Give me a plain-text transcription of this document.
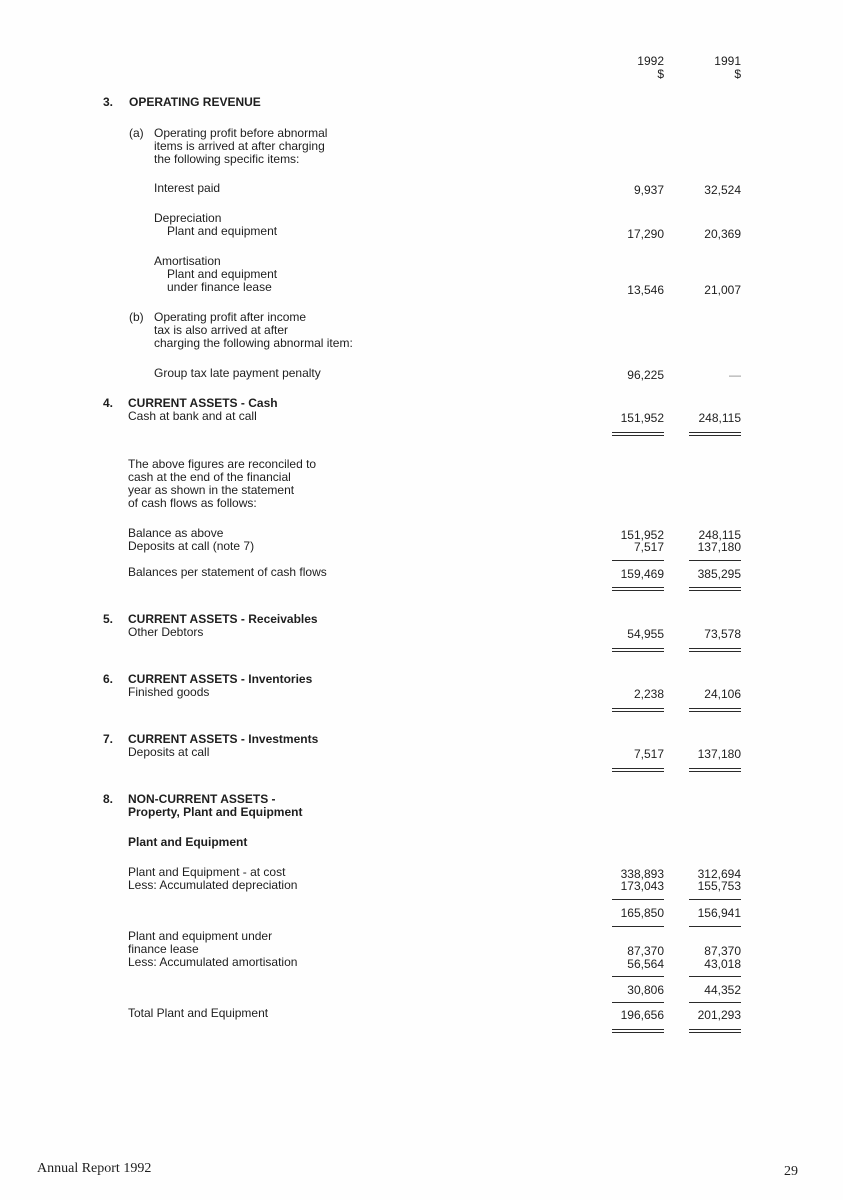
1992
$
1991
$
3. OPERATING REVENUE
(a) Operating profit before abnormal
items is arrived at after charging
the following specific items:
Interest paid	9,937	32,524
Depreciation
Plant and equipment	17,290	20,369
Amortisation
Plant and equipment
under finance lease	13,546	21,007
(b) Operating profit after income
tax is also arrived at after
charging the following abnormal item:
Group tax late payment penalty	96,225	—
4. CURRENT ASSETS - Cash
Cash at bank and at call	151,952	248,115
The above figures are reconciled to
cash at the end of the financial
year as shown in the statement
of cash flows as follows:
Balance as above	151,952	248,115
Deposits at call (note 7)	7,517	137,180
Balances per statement of cash flows	159,469	385,295
5. CURRENT ASSETS - Receivables
Other Debtors	54,955	73,578
6. CURRENT ASSETS - Inventories
Finished goods	2,238	24,106
7. CURRENT ASSETS - Investments
Deposits at call	7,517	137,180
8. NON-CURRENT ASSETS -
Property, Plant and Equipment
Plant and Equipment
Plant and Equipment - at cost	338,893	312,694
Less: Accumulated depreciation	173,043	155,753
165,850	156,941
Plant and equipment under
finance lease	87,370	87,370
Less: Accumulated amortisation	56,564	43,018
30,806	44,352
Total Plant and Equipment	196,656	201,293
Annual Report 1992	29
